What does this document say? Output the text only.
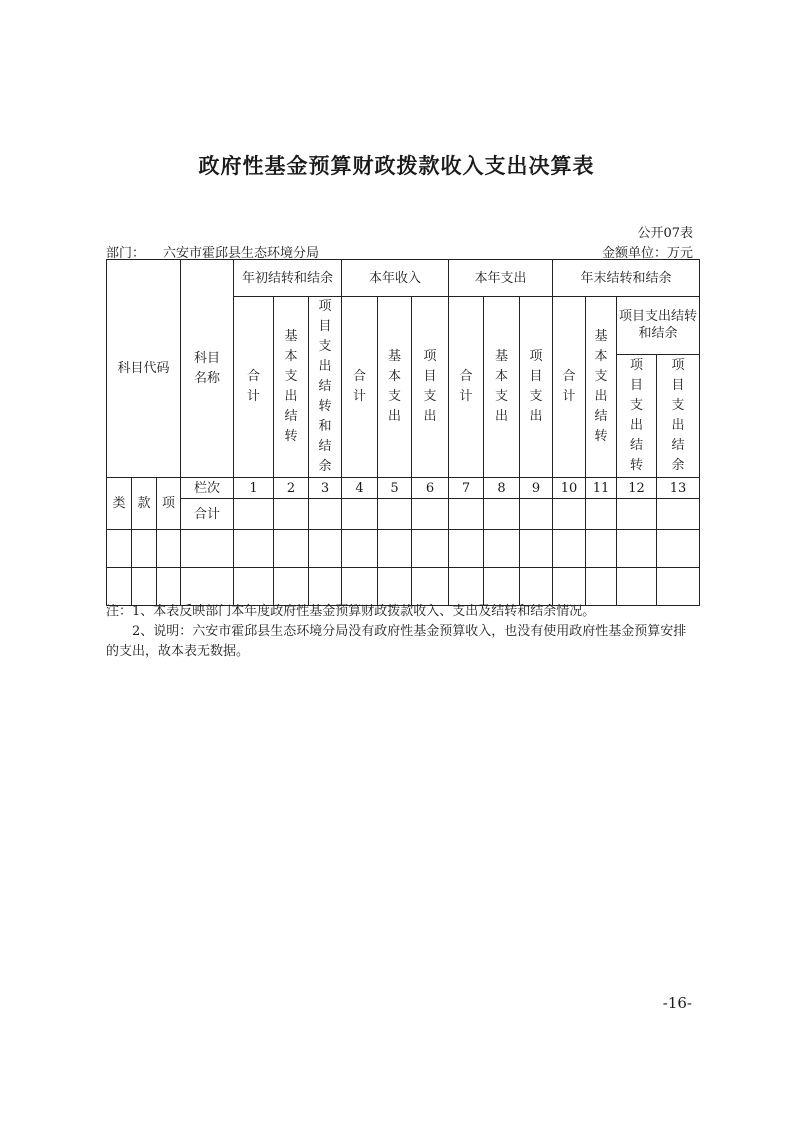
政府性基金预算财政拨款收入支出决算表
公开07表
部门： 六安市霍邱县生态环境分局	金额单位：万元
科目代码			科目名称	年初结转和结余			本年收入			本年支出			年末结转和结余			
				合计	基本支出结转	项目支出结转和结余	合计	基本支出	项目支出	合计	基本支出	项目支出	合计	基本支出结转	项目支出结转和结余	
															项目支出结转	项目支出结余
类	款	项	栏次	1	2	3	4	5	6	7	8	9	10	11	12	13
			合计													

注：1、本表反映部门本年度政府性基金预算财政拨款收入、支出及结转和结余情况。

2、说明：六安市霍邱县生态环境分局没有政府性基金预算收入，也没有使用政府性基金预算安排的支出，故本表无数据。

-16-
